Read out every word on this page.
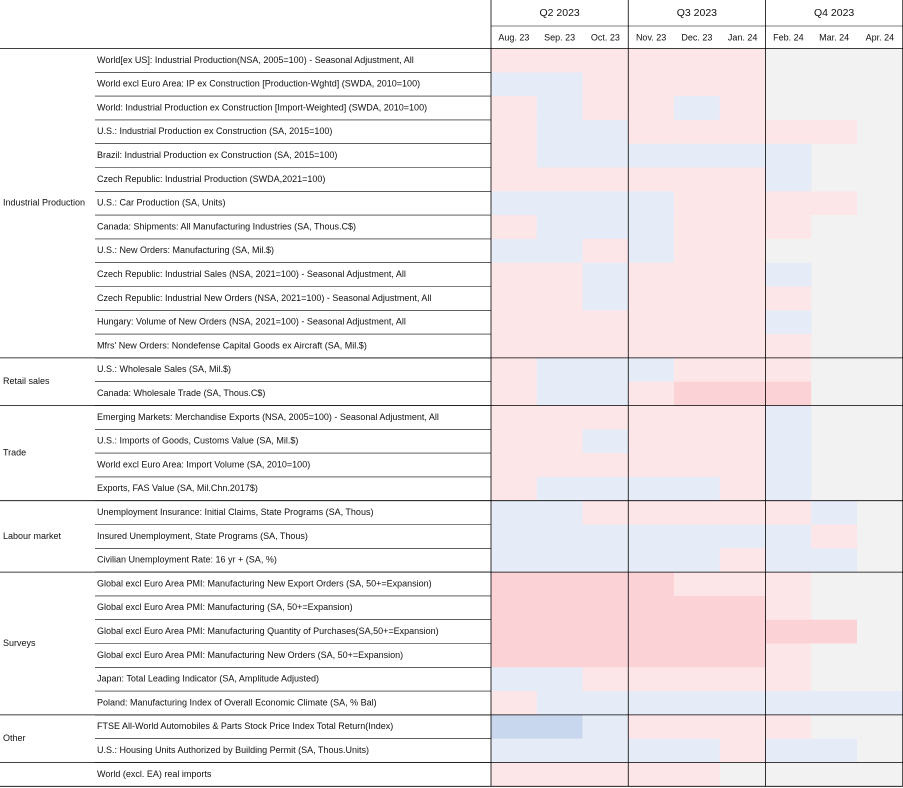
Q2 2023	Q3 2023	Q4 2023
Aug. 23 Sep. 23 Oct. 23 Nov. 23 Dec. 23 Jan. 24 Feb. 24 Mar. 24 Apr. 24
World[ex US]: Industrial Production(NSA, 2005=100) - Seasonal Adjustment, All
World excl Euro Area: IP ex Construction [Production-Wghtd] (SWDA, 2010=100)
World: Industrial Production ex Construction [Import-Weighted] (SWDA, 2010=100)
U.S.: Industrial Production ex Construction (SA, 2015=100)
Brazil: Industrial Production ex Construction (SA, 2015=100)
Czech Republic: Industrial Production (SWDA,2021=100)
U.S.: Car Production (SA, Units)
Canada: Shipments: All Manufacturing Industries (SA, Thous.C$)
U.S.: New Orders: Manufacturing (SA, Mil.$)
Czech Republic: Industrial Sales (NSA, 2021=100) - Seasonal Adjustment, All
Czech Republic: Industrial New Orders (NSA, 2021=100) - Seasonal Adjustment, All
Hungary: Volume of New Orders (NSA, 2021=100) - Seasonal Adjustment, All
Mfrs' New Orders: Nondefense Capital Goods ex Aircraft (SA, Mil.$)
U.S.: Wholesale Sales (SA, Mil.$)
Canada: Wholesale Trade (SA, Thous.C$)
Emerging Markets: Merchandise Exports (NSA, 2005=100) - Seasonal Adjustment, All
U.S.: Imports of Goods, Customs Value (SA, Mil.$)
World excl Euro Area: Import Volume (SA, 2010=100)
Exports, FAS Value (SA, Mil.Chn.2017$)
Unemployment Insurance: Initial Claims, State Programs (SA, Thous)
Insured Unemployment, State Programs (SA, Thous)
Civilian Unemployment Rate: 16 yr + (SA, %)
Global excl Euro Area PMI: Manufacturing New Export Orders (SA, 50+=Expansion)
Global excl Euro Area PMI: Manufacturing (SA, 50+=Expansion)
Global excl Euro Area PMI: Manufacturing Quantity of Purchases(SA,50+=Expansion)
Global excl Euro Area PMI: Manufacturing New Orders (SA, 50+=Expansion)
Japan: Total Leading Indicator (SA, Amplitude Adjusted)
Poland: Manufacturing Index of Overall Economic Climate (SA, % Bal)
FTSE All-World Automobiles & Parts Stock Price Index Total Return(Index)
U.S.: Housing Units Authorized by Building Permit (SA, Thous.Units)
World (excl. EA) real imports
Industrial Production
Retail sales
Trade
Labour market
Surveys
Other
